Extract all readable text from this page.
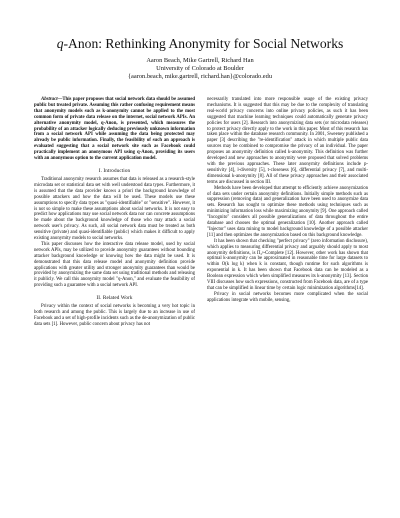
q-Anon: Rethinking Anonymity for Social Networks
Aaron Beach, Mike Gartrell, Richard Han
University of Colorado at Boulder
{aaron.beach, mike.gartrell, richard.han}@colorado.edu

Abstract—This paper proposes that social network data should be assumed public but treated private. Assuming this rather confusing requirement means that anonymity models such as k-anonymity cannot be applied to the most common form of private data release on the internet, social network APIs. An alternative anonymity model, q-Anon, is presented, which measures the probability of an attacker logically deducing previously unknown information from a social network API while assuming the data being protected may already be public information. Finally, the feasibility of such an approach is evaluated suggesting that a social network site such as Facebook could practically implement an anonymous API using q-Anon, providing its users with an anonymous option to the current application model.

I. Introduction

Traditional anonymity research assumes that data is released as a research-style microdata set or statistical data set with well understood data types. Furthermore, it is assumed that the data provider knows a priori the background knowledge of possible attackers and how the data will be used. These models use these assumptions to specify data types as "quasi-identifiable" or "sensitive". However, it is not so simple to make these assumptions about social networks. It is not easy to predict how applications may use social network data nor can concrete assumptions be made about the background knowledge of those who may attack a social network user's privacy. As such, all social network data must be treated as both sensitive (private) and quasi-identifiable (public) which makes it difficult to apply existing anonymity models to social networks.

This paper discusses how the interactive data release model, used by social network APIs, may be utilized to provide anonymity guarantees without bounding attacker background knowledge or knowing how the data might be used. It is demonstrated that this data release model and anonymity definition provide applications with greater utility and stronger anonymity guarantees than would be provided by anonymizing the same data set using traditional methods and releasing it publicly. We call this anonymity model "q-Anon," and evaluate the feasibility of providing such a guarantee with a social network API.

II. Related Work

Privacy within the context of social networks is becoming a very hot topic in both research and among the public. This is largely due to an increase in use of Facebook and a set of high-profile incidents such as the de-anonymization of public data sets [1]. However, public concern about privacy has not

necessarily translated into more responsible usage of the existing privacy mechanisms. It is suggested that this may be due to the complexity of translating real-world privacy concerns into online privacy policies, as such it has been suggested that machine learning techniques could automatically generate privacy policies for users [2]. Research into anonymizing data sets (or microdata releases) to protect privacy directly apply to the work in this paper. Most of this research has taken place within the database research community. In 2001, Sweeney published a paper [3] describing the "re-identification" attack in which multiple public data sources may be combined to compromise the privacy of an individual. The paper proposes an anonymity definition called k-anonymity. This definition was further developed and new approaches to anonymity were proposed that solved problems with the previous approaches. These later anonymity definitions include p-sensitivity [4], l-diversity [5], t-closeness [6], differential privacy [7], and multi-dimensional k-anonymity [8]. All of these privacy approaches and their associated terms are discussed in section III.

Methods have been developed that attempt to efficiently achieve anonymization of data sets under certain anonymity definitions. Initially simple methods such as suppression (removing data) and generalization have been used to anonymize data sets. Research has sought to optimize these methods using techniques such as minimizing information loss while maximizing anonymity [9]. One approach called "Incognito" considers all possible generalizations of data throughout the entire database and chooses the optimal generalization [10]. Another approach called "Injector" uses data mining to model background knowledge of a possible attacker [11] and then optimizes the anonymization based on this background knowledge.

It has been shown that checking "perfect privacy" (zero information disclosure), which applies to measuring differential privacy and arguably should apply to most anonymity definitions, is Π₂ᵖ-Complete [12]. However, other work has shown that optimal k-anonymity can be approximated in reasonable time for large datasets to within O(k log k) when k is constant, though runtime for such algorithms is exponential in k. It has been shown that Facebook data can be modeled as a Boolean expression which when simplified measures its k-anonymity [13]. Section VIII discusses how such expressions, constructed from Facebook data, are of a type that can be simplified in linear time by certain logic minimization algorithms[14].

Privacy in social networks becomes more complicated when the social applications integrate with mobile, sensing,
